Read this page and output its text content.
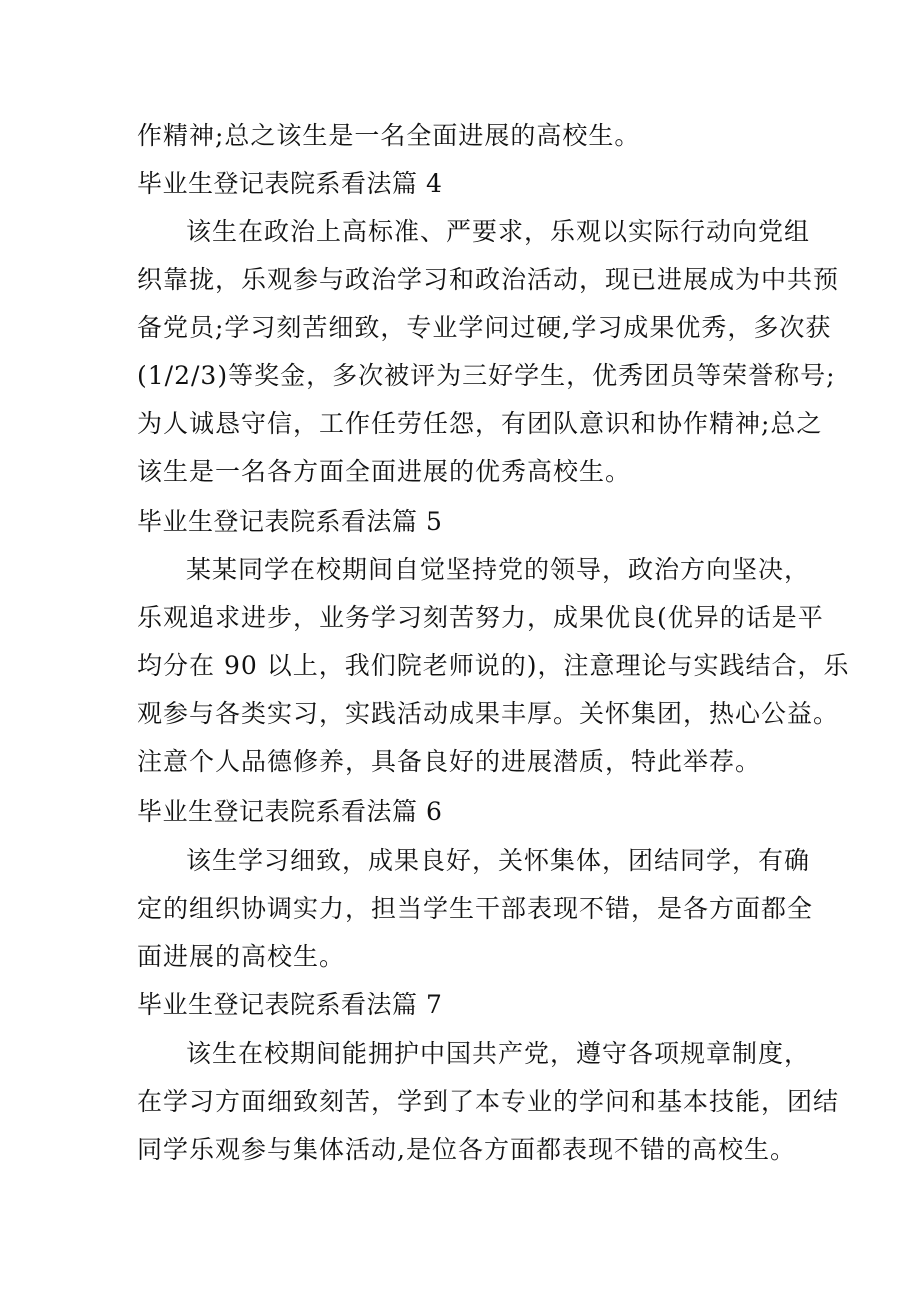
作精神;总之该生是一名全面进展的高校生。
毕业生登记表院系看法篇 4
该生在政治上高标准、严要求，乐观以实际行动向党组
织靠拢，乐观参与政治学习和政治活动，现已进展成为中共预
备党员;学习刻苦细致，专业学问过硬,学习成果优秀，多次获
(1/2/3)等奖金，多次被评为三好学生，优秀团员等荣誉称号;
为人诚恳守信，工作任劳任怨，有团队意识和协作精神;总之
该生是一名各方面全面进展的优秀高校生。
毕业生登记表院系看法篇 5
某某同学在校期间自觉坚持党的领导，政治方向坚决，
乐观追求进步，业务学习刻苦努力，成果优良(优异的话是平
均分在 90 以上，我们院老师说的)，注意理论与实践结合，乐
观参与各类实习，实践活动成果丰厚。关怀集团，热心公益。
注意个人品德修养，具备良好的进展潜质，特此举荐。
毕业生登记表院系看法篇 6
该生学习细致，成果良好，关怀集体，团结同学，有确
定的组织协调实力，担当学生干部表现不错，是各方面都全
面进展的高校生。
毕业生登记表院系看法篇 7
该生在校期间能拥护中国共产党，遵守各项规章制度，
在学习方面细致刻苦，学到了本专业的学问和基本技能，团结
同学乐观参与集体活动,是位各方面都表现不错的高校生。
